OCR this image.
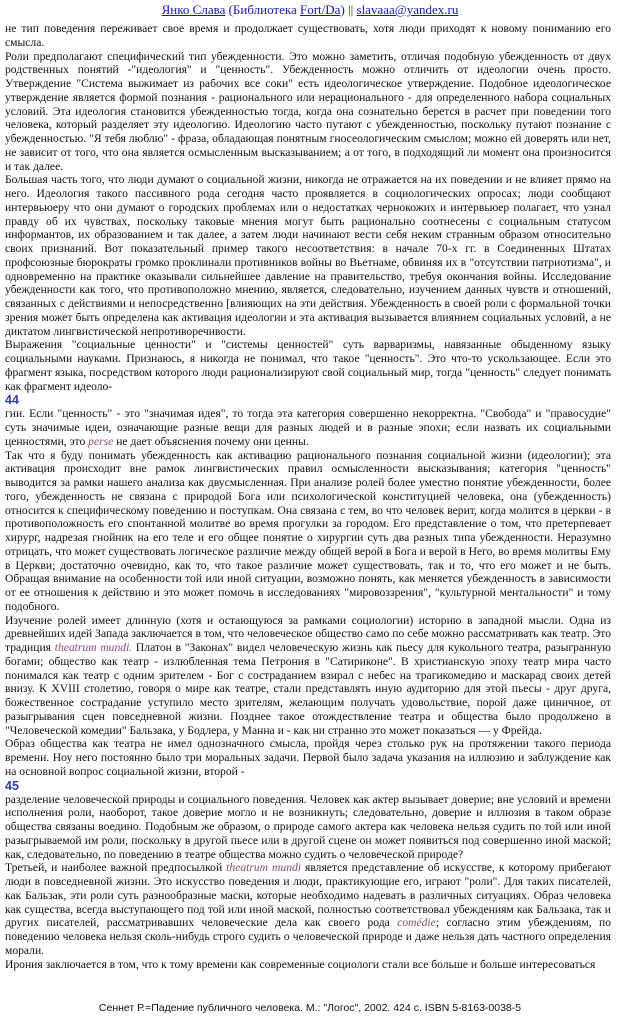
Янко Слава (Библиотека Fort/Da) || slavaaa@yandex.ru

не тип поведения переживает свое время и продолжает существовать, хотя люди приходят к новому пониманию его смысла.

Роли предполагают специфический тип убежденности. Это можно заметить, отличая подобную убежденность от двух родственных понятий -"идеология" и "ценность". Убежденность можно отличить от идеологии очень просто. Утверждение "Система выжимает из рабочих все соки" есть идеологическое утверждение. Подобное идеологическое утверждение является формой познания - рационального или нерационального - для определенного набора социальных условий. Эта идеология становится убежденностью тогда, когда она сознательно берется в расчет при поведении того человека, который разделяет эту идеологию. Идеологию часто путают с убежденностью, поскольку путают познание с убежденностью. "Я тебя люблю" - фраза, обладающая понятным гносеологическим смыслом; можно ей доверять или нет, не зависит от того, что она является осмысленным высказыванием; а от того, в подходящий ли момент она произносится и так далее.

Большая часть того, что люди думают о социальной жизни, никогда не отражается на их поведении и не влияет прямо на него. Идеология такого пассивного рода сегодня часто проявляется в социологических опросах; люди сообщают интервьюеру что они думают о городских проблемах или о недостатках чернокожих и интервьюер полагает, что узнал правду об их чувствах, поскольку таковые мнения могут быть рационально соотнесены с социальным статусом информантов, их образованием и так далее, а затем люди начинают вести себя неким странным образом относительно своих признаний. Вот показательный пример такого несоответствия: в начале 70-х гг. в Соединенных Штатах профсоюзные бюрократы громко проклинали противников войны во Вьетнаме, обвиняя их в "отсутствии патриотизма", и одновременно на практике оказывали сильнейшее давление на правительство, требуя окончания войны. Исследование убежденности как того, что противоположно мнению, является, следовательно, изучением данных чувств и отношений, связанных с действиями и непосредственно [влияющих на эти действия. Убежденность в своей роли с формальной точки зрения может быть определена как активация идеологии и эта активация вызывается влиянием социальных условий, а не диктатом лингвистической непротиворечивости.

Выражения "социальные ценности" и "системы ценностей" суть варваризмы, навязанные обыденному языку социальными науками. Признаюсь, я никогда не понимал, что такое "ценность". Это что-то ускользающее. Если это фрагмент языка, посредством которого люди рационализируют свой социальный мир, тогда "ценность" следует понимать как фрагмент идеоло-

44

гии. Если "ценность" - это "значимая идея", то тогда эта категория совершенно некорректна. "Свобода" и "правосудие" суть значимые идеи, означающие разные вещи для разных людей и в разные эпохи; если назвать их социальными ценностями, это perse не дает объяснения почему они ценны.

Так что я буду понимать убежденность как активацию рационального познания социальной жизни (идеологии); эта активация происходит вне рамок лингвистических правил осмысленности высказывания; категория "ценность" выводится за рамки нашего анализа как двусмысленная. При анализе ролей более уместно понятие убежденности, более того, убежденность не связана с природой Бога или психологической конституцией человека, она (убежденность) относится к специфическому поведению и поступкам. Она связана с тем, во что человек верит, когда молится в церкви - в противоположность его спонтанной молитве во время прогулки за городом. Его представление о том, что претерпевает хирург, надрезая гнойник на его теле и его общее понятие о хирургии суть два разных типа убежденности. Неразумно отрицать, что может существовать логическое различие между общей верой в Бога и верой в Него, во время молитвы Ему в Церкви; достаточно очевидно, как то, что такое различие может существовать, так и то, что его может и не быть. Обращая внимание на особенности той или иной ситуации, возможно понять, как меняется убежденность в зависимости от ее отношения к действию и это может помочь в исследованиях "мировоззрения", "культурной ментальности" и тому подобного.

Изучение ролей имеет длинную (хотя и остающуюся за рамками социологии) историю в западной мысли. Одна из древнейших идей Запада заключается в том, что человеческое общество само по себе можно рассматривать как театр. Это традиция theatrum mundi. Платон в "Законах" видел человеческую жизнь как пьесу для кукольного театра, разыгранную богами; общество как театр - излюбленная тема Петрония в "Сатириконе". В христианскую эпоху театр мира часто понимался как театр с одним зрителем - Бог с состраданием взирал с небес на трагикомедию и маскарад своих детей внизу. К XVIII столетию, говоря о мире как театре, стали представлять иную аудиторию для этой пьесы - друг друга, божественное сострадание уступило место зрителям, желающим получать удовольствие, порой даже циничное, от разыгрывания сцен повседневной жизни. Позднее такое отождествление театра и общества было продолжено в "Человеческой комедии" Бальзака, у Бодлера, у Манна и - как ни странно это может показаться — у Фрейда.

Образ общества как театра не имел однозначного смысла, пройдя через столько рук на протяжении такого периода времени. Ноу него постоянно было три моральных задачи. Первой было задача указания на иллюзию и заблуждение как на основной вопрос социальной жизни, второй -

45

разделение человеческой природы и социального поведения. Человек как актер вызывает доверие; вне условий и времени исполнения роли, наоборот, такое доверие могло и не возникнуть; следовательно, доверие и иллюзия в таком образе общества связаны воедино. Подобным же образом, о природе самого актера как человека нельзя судить по той или иной разыгрываемой им роли, поскольку в другой пьесе или в другой сцене он может появиться под совершенно иной маской; как, следовательно, по поведению в театре общества можно судить о человеческой природе?

Третьей, и наиболее важной предпосылкой theatrum mundi является представление об искусстве, к которому прибегают люди в повседневной жизни. Это искусство поведения и люди, практикующие его, играют "роли". Для таких писателей, как Бальзак, эти роли суть разнообразные маски, которые необходимо надевать в различных ситуациях. Образ человека как существа, всегда выступающего под той или иной маской, полностью соответствовал убеждениям как Бальзака, так и других писателей, рассматривавших человеческие дела как своего рода comédie; согласно этим убеждениям, по поведению человека нельзя сколь-нибудь строго судить о человеческой природе и даже нельзя дать частного определения морали.

Ирония заключается в том, что к тому времени как современные социологи стали все больше и больше интересоваться

Сеннет Р.=Падение публичного человека. М.: "Логос", 2002. 424 с. ISBN 5-8163-0038-5
